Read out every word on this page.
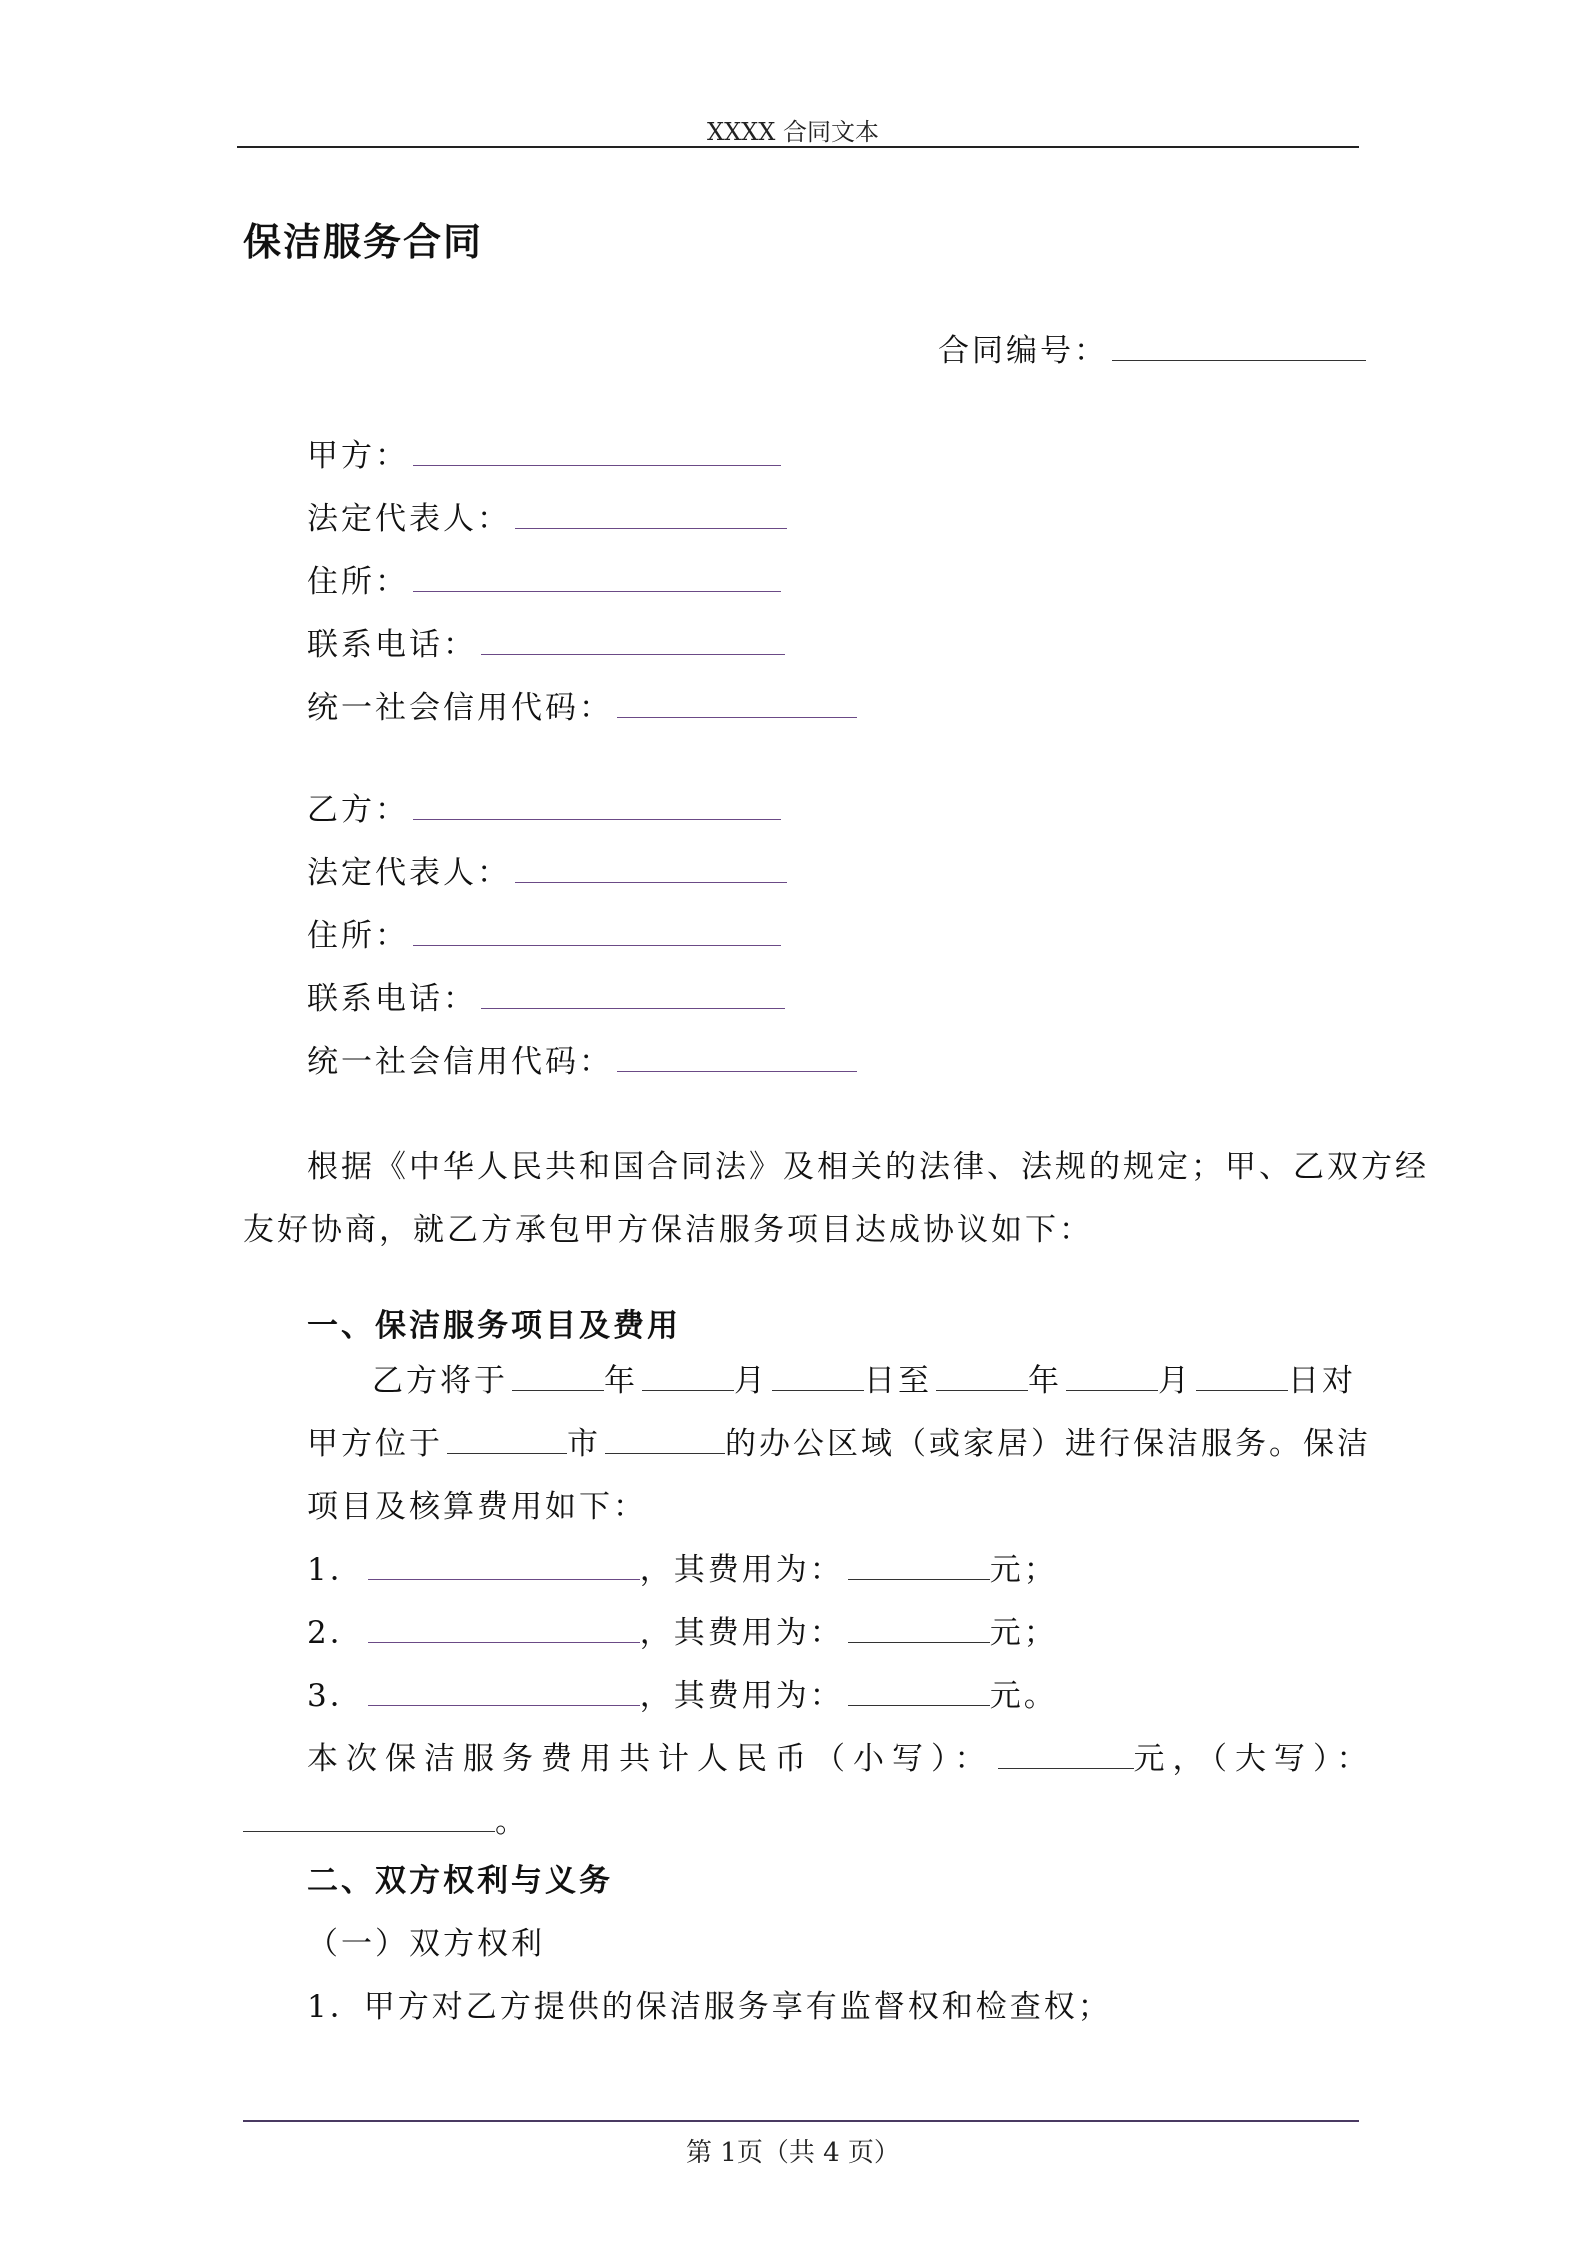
XXXX 合同文本
保洁服务合同
合同编号：
甲方：
法定代表人：
住所：
联系电话：
统一社会信用代码：
乙方：
法定代表人：
住所：
联系电话：
统一社会信用代码：
根据《中华人民共和国合同法》及相关的法律、法规的规定；甲、乙双方经
友好协商，就乙方承包甲方保洁服务项目达成协议如下：
一、保洁服务项目及费用
乙方将于	年	月	日至	年	月	日对
甲方位于	市	的办公区域（或家居）进行保洁服务。保洁
项目及核算费用如下：
1．	，其费用为：	元；
2．	，其费用为：	元；
3．	，其费用为：	元。
本次保洁服务费用共计人民币（小写）：	元，（大写）：
。
二、双方权利与义务
（一）双方权利
1．甲方对乙方提供的保洁服务享有监督权和检查权；
第 1页（共 4 页）
